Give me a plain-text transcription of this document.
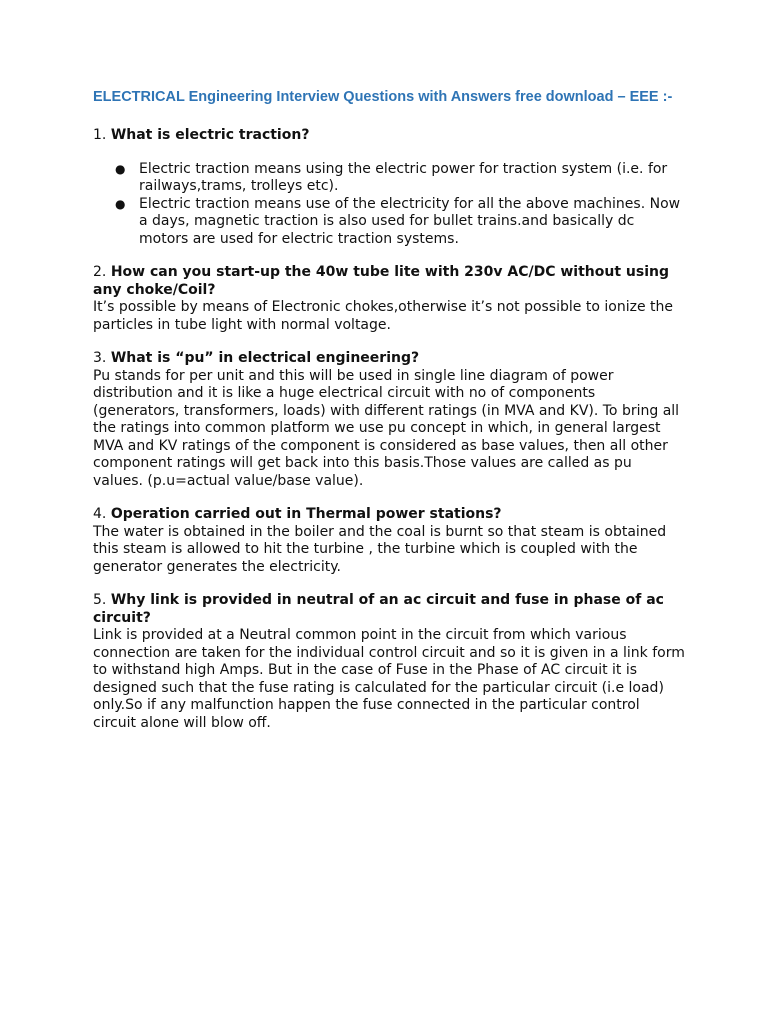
ELECTRICAL Engineering Interview Questions with Answers free download – EEE :-

1. What is electric traction?

● Electric traction means using the electric power for traction system (i.e. for railways,trams, trolleys etc).
● Electric traction means use of the electricity for all the above machines. Now a days, magnetic traction is also used for bullet trains.and basically dc motors are used for electric traction systems.

2. How can you start-up the 40w tube lite with 230v AC/DC without using any choke/Coil?

It’s possible by means of Electronic chokes,otherwise it’s not possible to ionize the particles in tube light with normal voltage.

3. What is “pu” in electrical engineering?

Pu stands for per unit and this will be used in single line diagram of power distribution and it is like a huge electrical circuit with no of components (generators, transformers, loads) with different ratings (in MVA and KV). To bring all the ratings into common platform we use pu concept in which, in general largest MVA and KV ratings of the component is considered as base values, then all other component ratings will get back into this basis.Those values are called as pu values. (p.u=actual value/base value).

4. Operation carried out in Thermal power stations?

The water is obtained in the boiler and the coal is burnt so that steam is obtained this steam is allowed to hit the turbine , the turbine which is coupled with the generator generates the electricity.

5. Why link is provided in neutral of an ac circuit and fuse in phase of ac circuit?

Link is provided at a Neutral common point in the circuit from which various connection are taken for the individual control circuit and so it is given in a link form to withstand high Amps. But in the case of Fuse in the Phase of AC circuit it is designed such that the fuse rating is calculated for the particular circuit (i.e load) only.So if any malfunction happen the fuse connected in the particular control circuit alone will blow off.
